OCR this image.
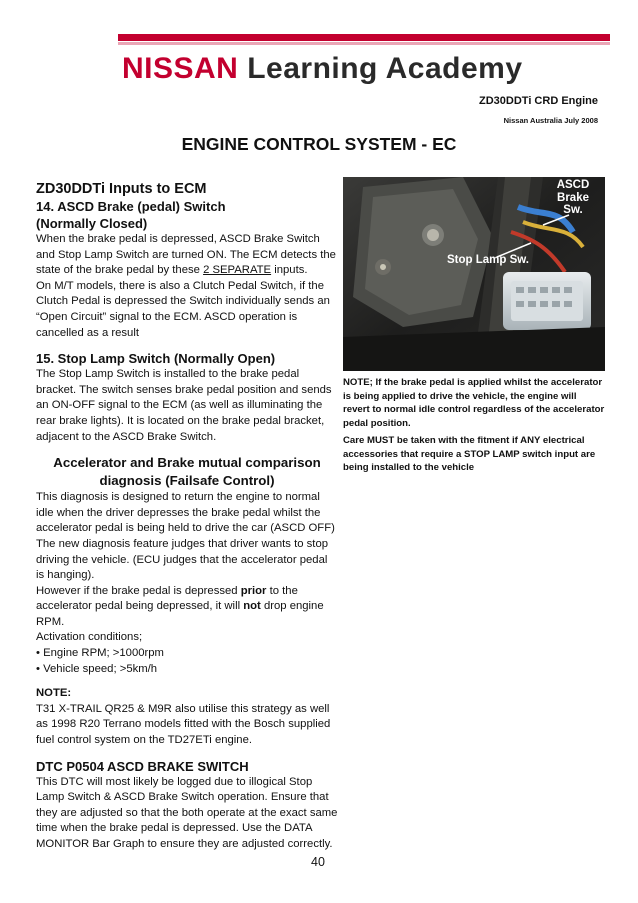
NISSAN Learning Academy
ZD30DDTi CRD Engine
Nissan Australia July 2008
ENGINE CONTROL SYSTEM - EC

ZD30DDTi Inputs to ECM

14. ASCD Brake (pedal) Switch

(Normally Closed)

When the brake pedal is depressed, ASCD Brake Switch and Stop Lamp Switch are turned ON. The ECM detects the state of the brake pedal by these 2 SEPARATE inputs.

On M/T models, there is also a Clutch Pedal Switch, if the Clutch Pedal is depressed the Switch individually sends an “Open Circuit” signal to the ECM. ASCD operation is cancelled as a result

15. Stop Lamp Switch (Normally Open)

The Stop Lamp Switch is installed to the brake pedal bracket. The switch senses brake pedal position and sends an ON-OFF signal to the ECM (as well as illuminating the rear brake lights). It is located on the brake pedal bracket, adjacent to the ASCD Brake Switch.

Accelerator and Brake mutual comparison diagnosis (Failsafe Control)

This diagnosis is designed to return the engine to normal idle when the driver depresses the brake pedal whilst the accelerator pedal is being held to drive the car (ASCD OFF) The new diagnosis feature judges that driver wants to stop driving the vehicle. (ECU judges that the accelerator pedal is hanging).

However if the brake pedal is depressed prior to the accelerator pedal being depressed, it will not drop engine RPM.

Activation conditions;

• Engine RPM; >1000rpm

• Vehicle speed; >5km/h

NOTE:

T31 X-TRAIL QR25 & M9R also utilise this strategy as well as 1998 R20 Terrano models fitted with the Bosch supplied fuel control system on the TD27ETi engine.

DTC P0504 ASCD BRAKE SWITCH

This DTC will most likely be logged due to illogical Stop Lamp Switch & ASCD Brake Switch operation. Ensure that they are adjusted so that the both operate at the exact same time when the brake pedal is depressed. Use the DATA MONITOR Bar Graph to ensure they are adjusted correctly.

ASCD Brake Sw.
Stop Lamp Sw.

NOTE; If the brake pedal is applied whilst the accelerator is being applied to drive the vehicle, the engine will revert to normal idle control regardless of the accelerator pedal position.

Care MUST be taken with the fitment if ANY electrical accessories that require a STOP LAMP switch input are being installed to the vehicle

40
